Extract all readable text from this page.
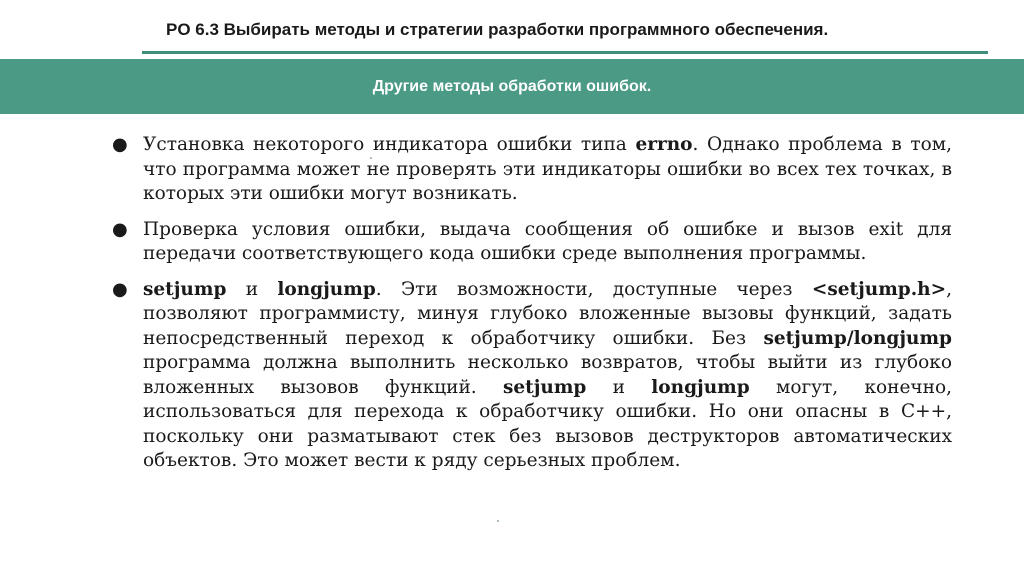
PO 6.3 Выбирать методы и стратегии разработки программного обеспечения.
Другие методы обработки ошибок.
● Установка некоторого индикатора ошибки типа errno. Однако проблема в том, что программа может не проверять эти индикаторы ошибки во всех тех точках, в которых эти ошибки могут возникать.
● Проверка условия ошибки, выдача сообщения об ошибке и вызов exit для передачи соответствующего кода ошибки среде выполнения программы.
● setjump и longjump. Эти возможности, доступные через <setjump.h>, позволяют программисту, минуя глубоко вложенные вызовы функций, задать непосредственный переход к обработчику ошибки. Без setjump/longjump программа должна выполнить несколько возвратов, чтобы выйти из глубоко вложенных вызовов функций. setjump и longjump могут, конечно, использоваться для перехода к обработчику ошибки. Но они опасны в C++, поскольку они разматывают стек без вызовов деструкторов автоматических объектов. Это может вести к ряду серьезных проблем.
